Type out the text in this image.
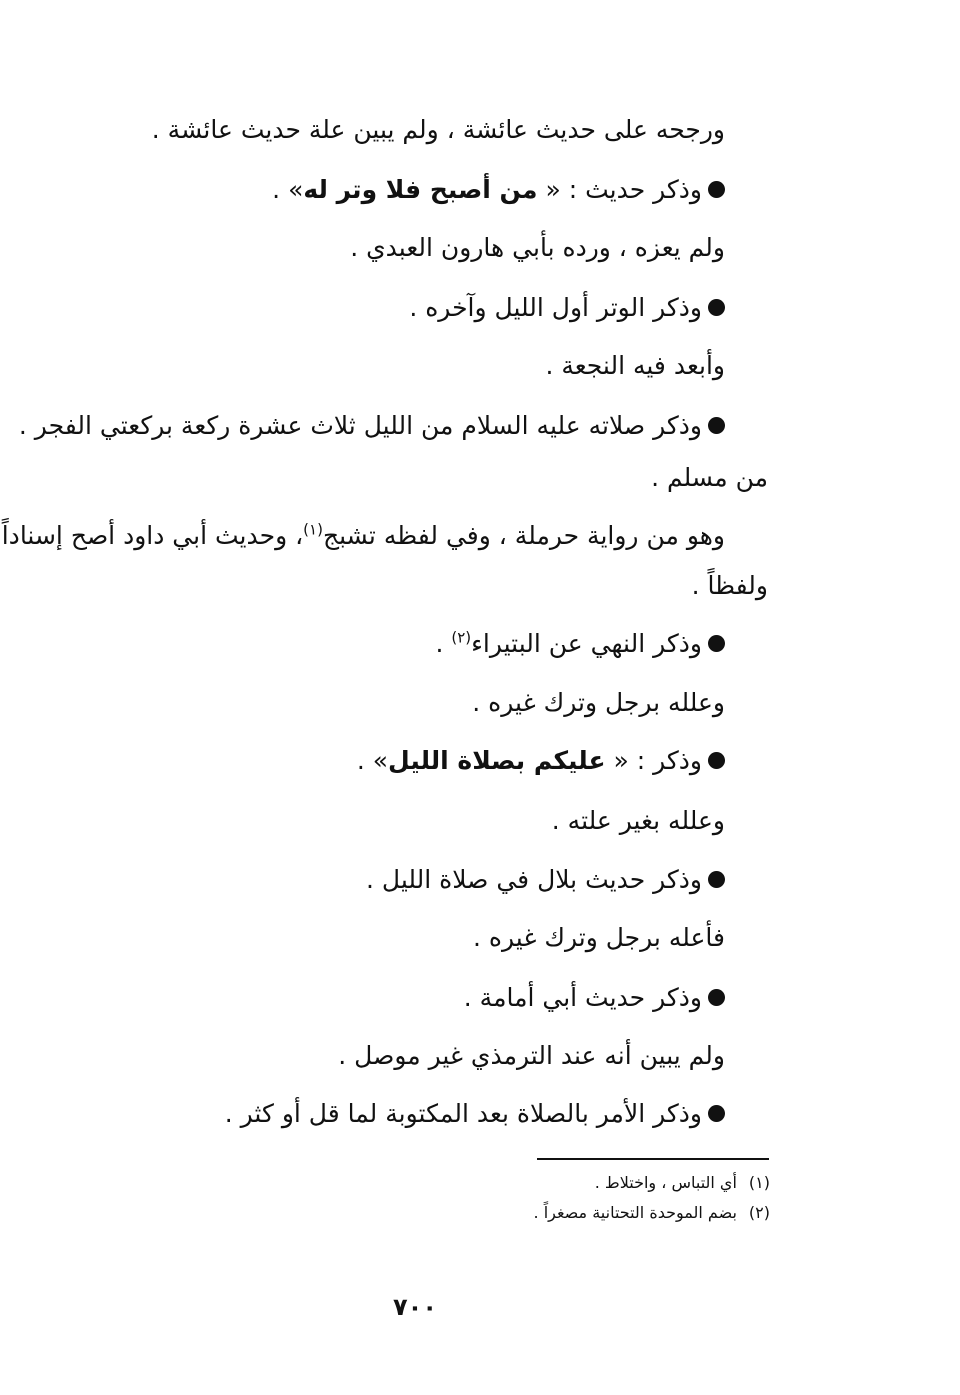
ورجحه على حديث عائشة ، ولم يبين علة حديث عائشة .
وذكر حديث : « من أصبح فلا وتر له» .
ولم يعزه ، ورده بأبي هارون العبدي .
وذكر الوتر أول الليل وآخره .
وأبعد فيه النجعة .
وذكر صلاته عليه السلام من الليل ثلاث عشرة ركعة بركعتي الفجر .
من مسلم .
وهو من رواية حرملة ، وفي لفظه تشبج$^{(١)}$، وحديث أبي داود أصح إسناداً
ولفظاً .
وذكر النهي عن البتيراء$^{(٢)}$ .
وعلله برجل وترك غيره .
وذكر : « عليكم بصلاة الليل» .
وعلله بغير علته .
وذكر حديث بلال في صلاة الليل .
فأعله برجل وترك غيره .
وذكر حديث أبي أمامة .
ولم يبين أنه عند الترمذي غير موصل .
وذكر الأمر بالصلاة بعد المكتوبة لما قل أو كثر .
(١)أي التباس ، واختلاط .
(٢)بضم الموحدة التحتانية مصغراً .
٧٠٠
